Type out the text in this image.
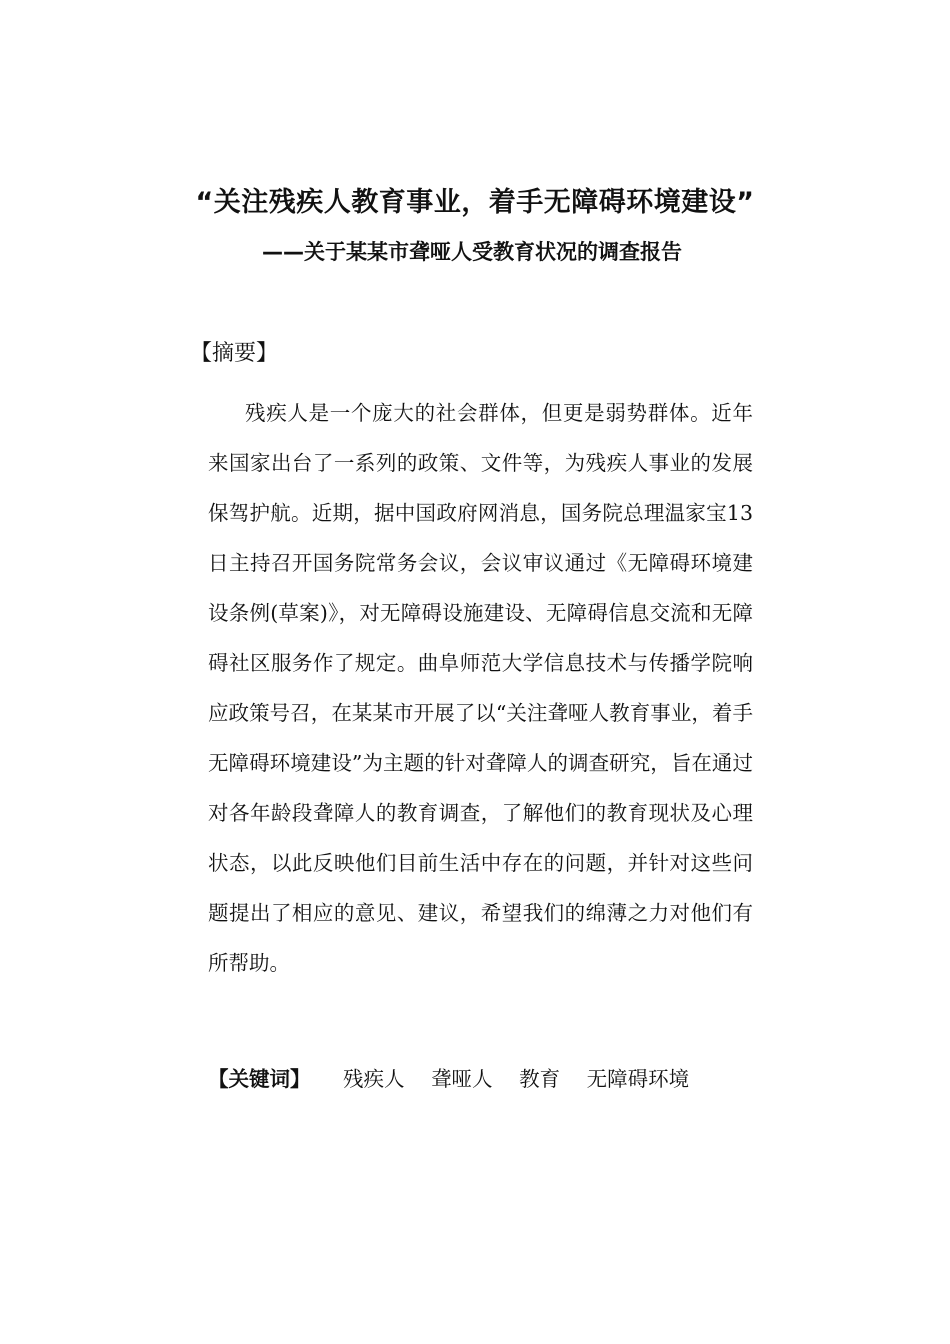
“关注残疾人教育事业，着手无障碍环境建设”
——关于某某市聋哑人受教育状况的调查报告

【摘要】

残疾人是一个庞大的社会群体，但更是弱势群体。近年来国家出台了一系列的政策、文件等，为残疾人事业的发展保驾护航。近期，据中国政府网消息，国务院总理温家宝13日主持召开国务院常务会议，会议审议通过《无障碍环境建设条例(草案)》，对无障碍设施建设、无障碍信息交流和无障碍社区服务作了规定。曲阜师范大学信息技术与传播学院响应政策号召，在某某市开展了以“关注聋哑人教育事业，着手无障碍环境建设”为主题的针对聋障人的调查研究，旨在通过对各年龄段聋障人的教育调查，了解他们的教育现状及心理状态，以此反映他们目前生活中存在的问题，并针对这些问题提出了相应的意见、建议，希望我们的绵薄之力对他们有所帮助。

【关键词】 残疾人 聋哑人 教育 无障碍环境
